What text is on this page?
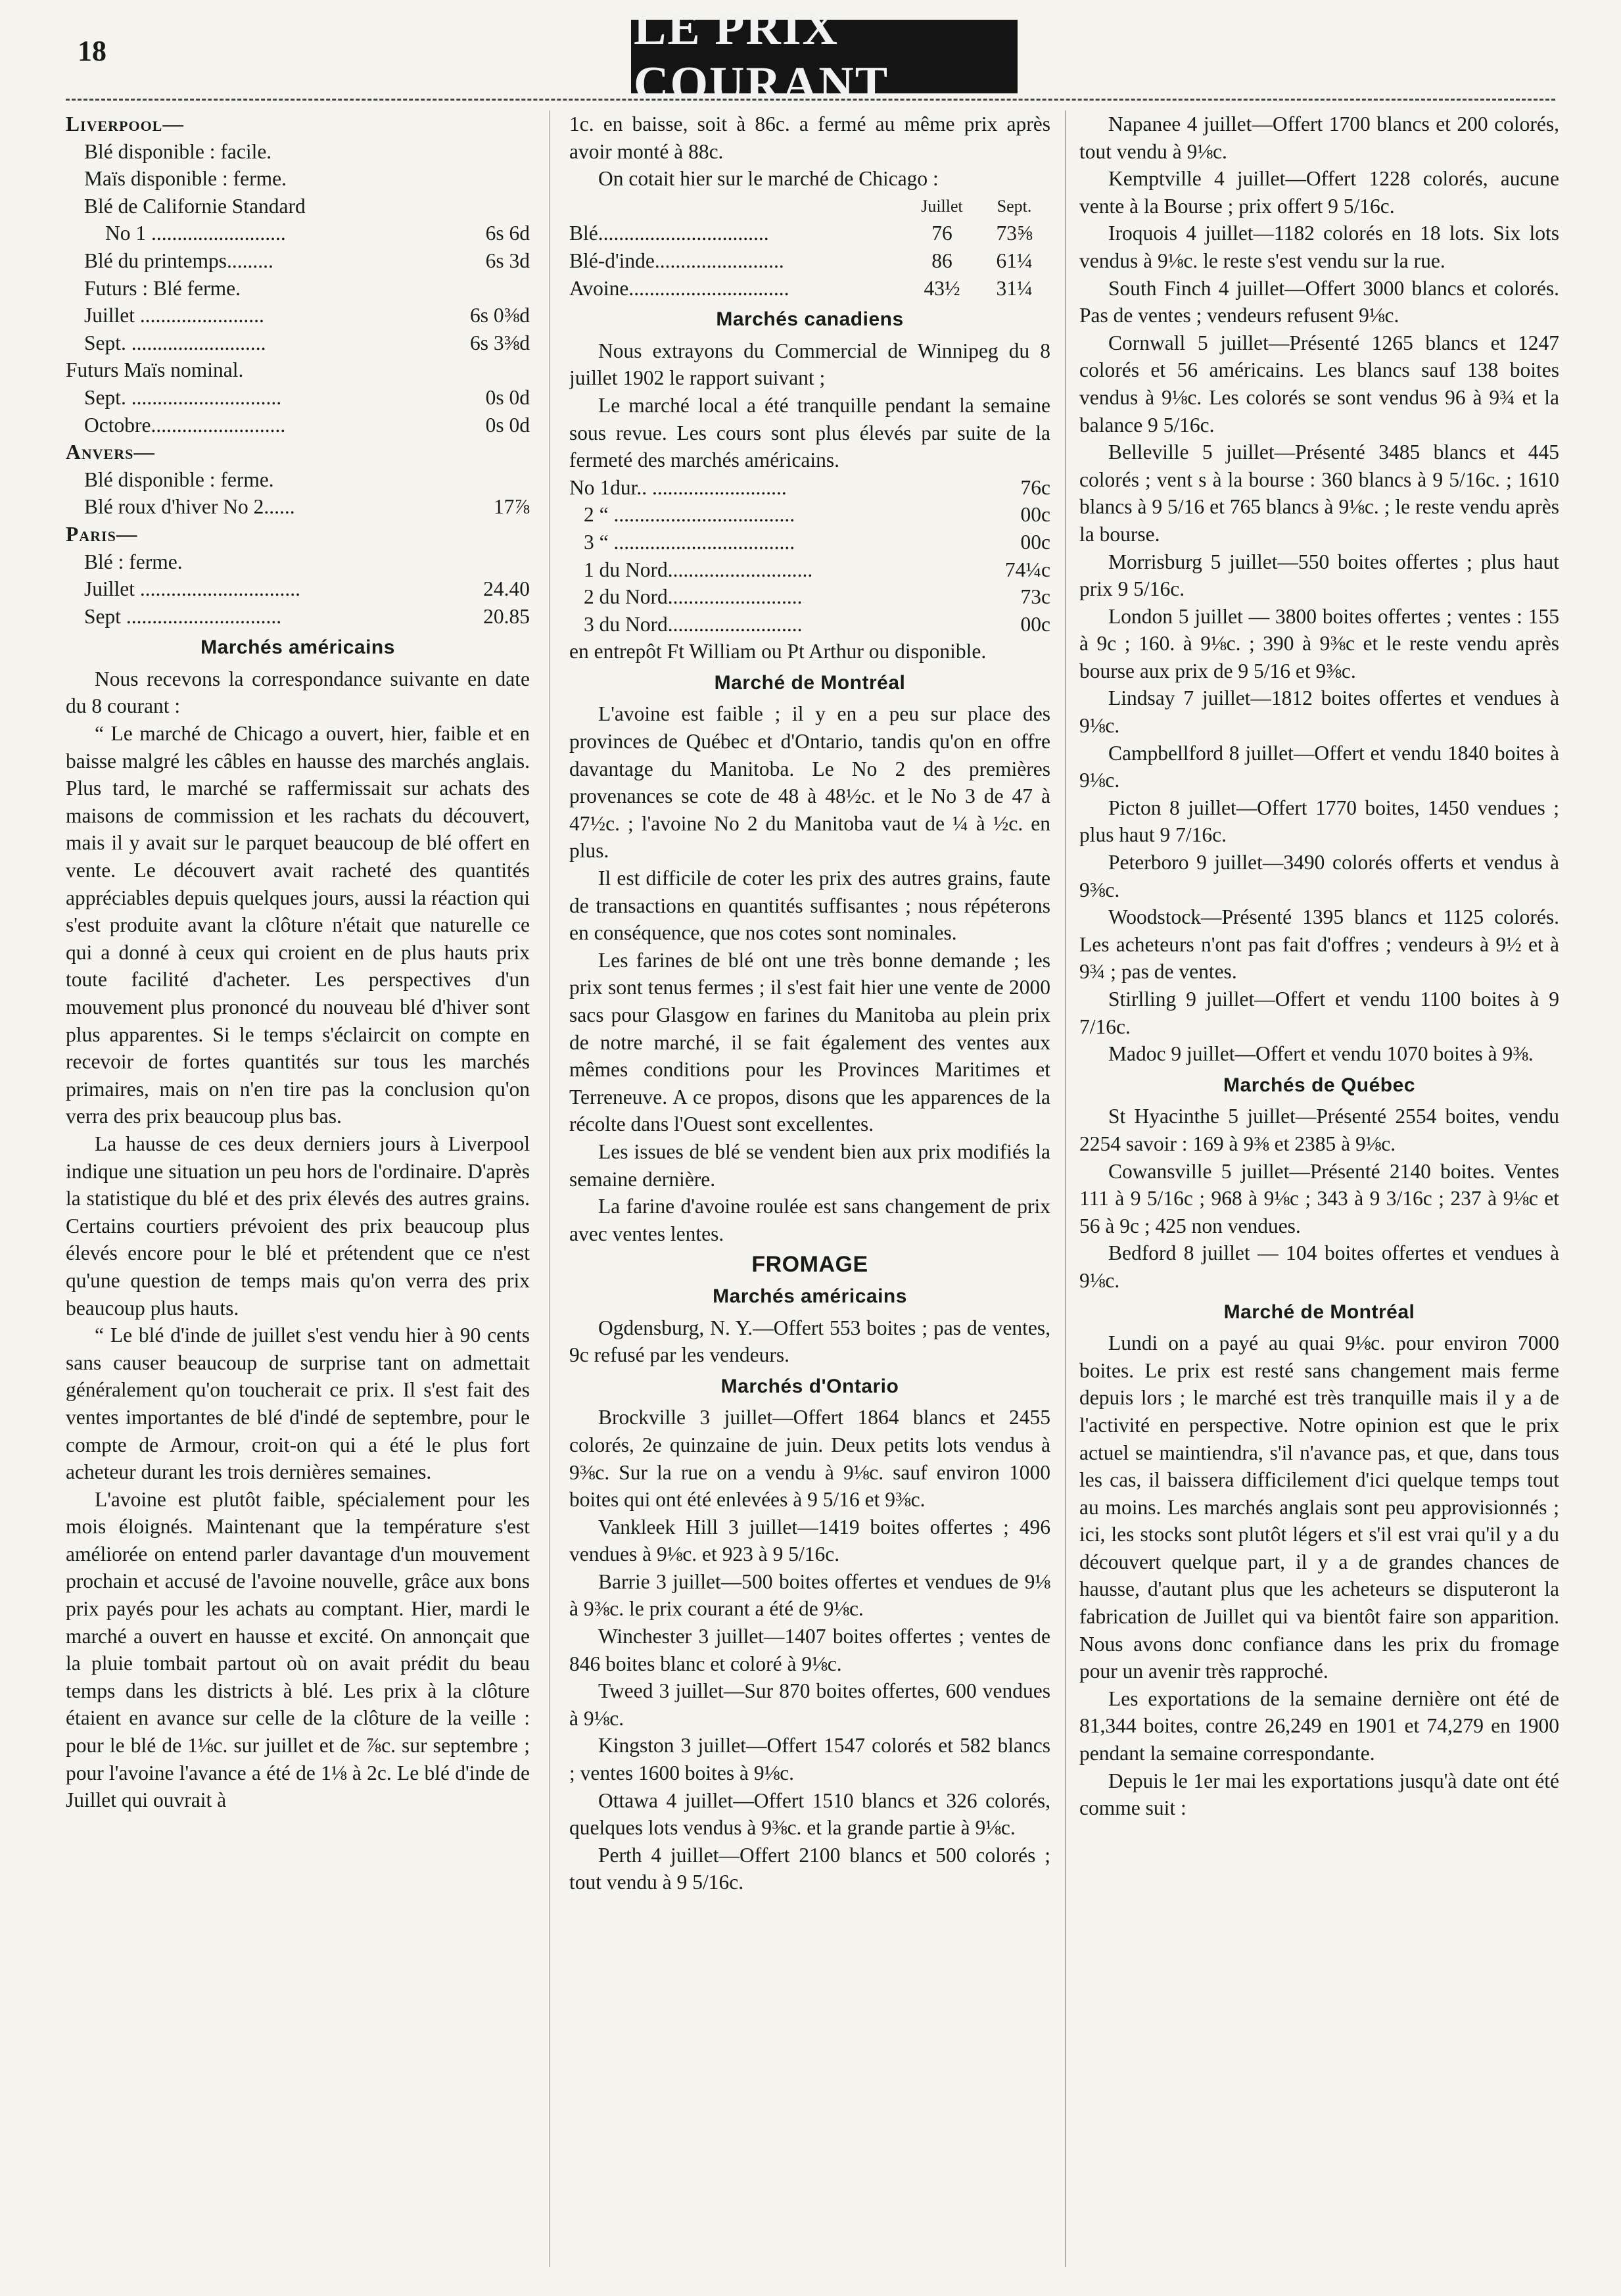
18	LE PRIX COURANT
Liverpool—
Blé disponible : facile.
Maïs disponible : ferme.
Blé de Californie Standard
No 1 ..........................	6s 6d
Blé du printemps.........	6s 3d
Futurs : Blé ferme.
Juillet ........................	6s 0⅜d
Sept. ..........................	6s 3⅜d
Futurs Maïs nominal.
Sept. .............................	0s 0d
Octobre..........................	0s 0d
Anvers—
Blé disponible : ferme.
Blé roux d'hiver No 2......	17⅞
Paris—
Blé : ferme.
Juillet ...............................	24.40
Sept ..............................	20.85
Marchés américains

Nous recevons la correspondance suivante en date du 8 courant :

“ Le marché de Chicago a ouvert, hier, faible et en baisse malgré les câbles en hausse des marchés anglais. Plus tard, le marché se raffermissait sur achats des maisons de commission et les rachats du découvert, mais il y avait sur le parquet beaucoup de blé offert en vente. Le découvert avait racheté des quantités appréciables depuis quelques jours, aussi la réaction qui s'est produite avant la clôture n'était que naturelle ce qui a donné à ceux qui croient en de plus hauts prix toute facilité d'acheter. Les perspectives d'un mouvement plus prononcé du nouveau blé d'hiver sont plus apparentes. Si le temps s'éclaircit on compte en recevoir de fortes quantités sur tous les marchés primaires, mais on n'en tire pas la conclusion qu'on verra des prix beaucoup plus bas.

La hausse de ces deux derniers jours à Liverpool indique une situation un peu hors de l'ordinaire. D'après la statistique du blé et des prix élevés des autres grains. Certains courtiers prévoient des prix beaucoup plus élevés encore pour le blé et prétendent que ce n'est qu'une question de temps mais qu'on verra des prix beaucoup plus hauts.

“ Le blé d'inde de juillet s'est vendu hier à 90 cents sans causer beaucoup de surprise tant on admettait généralement qu'on toucherait ce prix. Il s'est fait des ventes importantes de blé d'indé de septembre, pour le compte de Armour, croit-on qui a été le plus fort acheteur durant les trois dernières semaines.

L'avoine est plutôt faible, spécialement pour les mois éloignés. Maintenant que la température s'est améliorée on entend parler davantage d'un mouvement prochain et accusé de l'avoine nouvelle, grâce aux bons prix payés pour les achats au comptant. Hier, mardi le marché a ouvert en hausse et excité. On annonçait que la pluie tombait partout où on avait prédit du beau temps dans les districts à blé. Les prix à la clôture étaient en avance sur celle de la clôture de la veille : pour le blé de 1⅛c. sur juillet et de ⅞c. sur septembre ; pour l'avoine l'avance a été de 1⅛ à 2c. Le blé d'inde de Juillet qui ouvrait à

1c. en baisse, soit à 86c. a fermé au même prix après avoir monté à 88c.

On cotait hier sur le marché de Chicago :

Juillet	Sept.
Blé.................................	76	73⅝
Blé-d'inde.........................	86	61¼
Avoine...............................	43½	31¼
Marchés canadiens

Nous extrayons du Commercial de Winnipeg du 8 juillet 1902 le rapport suivant ;

Le marché local a été tranquille pendant la semaine sous revue. Les cours sont plus élevés par suite de la fermeté des marchés américains.

No 1dur.. ..........................	76c
2 “ ...................................	00c
3 “ ...................................	00c
1 du Nord............................	74¼c
2 du Nord..........................	73c
3 du Nord..........................	00c

en entrepôt Ft William ou Pt Arthur ou disponible.

Marché de Montréal

L'avoine est faible ; il y en a peu sur place des provinces de Québec et d'Ontario, tandis qu'on en offre davantage du Manitoba. Le No 2 des premières provenances se cote de 48 à 48½c. et le No 3 de 47 à 47½c. ; l'avoine No 2 du Manitoba vaut de ¼ à ½c. en plus.

Il est difficile de coter les prix des autres grains, faute de transactions en quantités suffisantes ; nous répéterons en conséquence, que nos cotes sont nominales.

Les farines de blé ont une très bonne demande ; les prix sont tenus fermes ; il s'est fait hier une vente de 2000 sacs pour Glasgow en farines du Manitoba au plein prix de notre marché, il se fait également des ventes aux mêmes conditions pour les Provinces Maritimes et Terreneuve. A ce propos, disons que les apparences de la récolte dans l'Ouest sont excellentes.

Les issues de blé se vendent bien aux prix modifiés la semaine dernière.

La farine d'avoine roulée est sans changement de prix avec ventes lentes.

FROMAGE
Marchés américains

Ogdensburg, N. Y.—Offert 553 boites ; pas de ventes, 9c refusé par les vendeurs.

Marchés d'Ontario

Brockville 3 juillet—Offert 1864 blancs et 2455 colorés, 2e quinzaine de juin. Deux petits lots vendus à 9⅜c. Sur la rue on a vendu à 9⅛c. sauf environ 1000 boites qui ont été enlevées à 9 5/16 et 9⅜c.

Vankleek Hill 3 juillet—1419 boites offertes ; 496 vendues à 9⅛c. et 923 à 9 5/16c.

Barrie 3 juillet—500 boites offertes et vendues de 9⅛ à 9⅜c. le prix courant a été de 9⅛c.

Winchester 3 juillet—1407 boites offertes ; ventes de 846 boites blanc et coloré à 9⅛c.

Tweed 3 juillet—Sur 870 boites offertes, 600 vendues à 9⅛c.

Kingston 3 juillet—Offert 1547 colorés et 582 blancs ; ventes 1600 boites à 9⅛c.

Ottawa 4 juillet—Offert 1510 blancs et 326 colorés, quelques lots vendus à 9⅜c. et la grande partie à 9⅛c.

Perth 4 juillet—Offert 2100 blancs et 500 colorés ; tout vendu à 9 5/16c.

Napanee 4 juillet—Offert 1700 blancs et 200 colorés, tout vendu à 9⅛c.

Kemptville 4 juillet—Offert 1228 colorés, aucune vente à la Bourse ; prix offert 9 5/16c.

Iroquois 4 juillet—1182 colorés en 18 lots. Six lots vendus à 9⅛c. le reste s'est vendu sur la rue.

South Finch 4 juillet—Offert 3000 blancs et colorés. Pas de ventes ; vendeurs refusent 9⅛c.

Cornwall 5 juillet—Présenté 1265 blancs et 1247 colorés et 56 américains. Les blancs sauf 138 boites vendus à 9⅛c. Les colorés se sont vendus 96 à 9¾ et la balance 9 5/16c.

Belleville 5 juillet—Présenté 3485 blancs et 445 colorés ; vent s à la bourse : 360 blancs à 9 5/16c. ; 1610 blancs à 9 5/16 et 765 blancs à 9⅛c. ; le reste vendu après la bourse.

Morrisburg 5 juillet—550 boites offertes ; plus haut prix 9 5/16c.

London 5 juillet — 3800 boites offertes ; ventes : 155 à 9c ; 160. à 9⅛c. ; 390 à 9⅜c et le reste vendu après bourse aux prix de 9 5/16 et 9⅜c.

Lindsay 7 juillet—1812 boites offertes et vendues à 9⅛c.

Campbellford 8 juillet—Offert et vendu 1840 boites à 9⅛c.

Picton 8 juillet—Offert 1770 boites, 1450 vendues ; plus haut 9 7/16c.

Peterboro 9 juillet—3490 colorés offerts et vendus à 9⅜c.

Woodstock—Présenté 1395 blancs et 1125 colorés. Les acheteurs n'ont pas fait d'offres ; vendeurs à 9½ et à 9¾ ; pas de ventes.

Stirlling 9 juillet—Offert et vendu 1100 boites à 9 7/16c.

Madoc 9 juillet—Offert et vendu 1070 boites à 9⅜.

Marchés de Québec

St Hyacinthe 5 juillet—Présenté 2554 boites, vendu 2254 savoir : 169 à 9⅜ et 2385 à 9⅛c.

Cowansville 5 juillet—Présenté 2140 boites. Ventes 111 à 9 5/16c ; 968 à 9⅛c ; 343 à 9 3/16c ; 237 à 9⅛c et 56 à 9c ; 425 non vendues.

Bedford 8 juillet — 104 boites offertes et vendues à 9⅛c.

Marché de Montréal

Lundi on a payé au quai 9⅛c. pour environ 7000 boites. Le prix est resté sans changement mais ferme depuis lors ; le marché est très tranquille mais il y a de l'activité en perspective. Notre opinion est que le prix actuel se maintiendra, s'il n'avance pas, et que, dans tous les cas, il baissera difficilement d'ici quelque temps tout au moins. Les marchés anglais sont peu approvisionnés ; ici, les stocks sont plutôt légers et s'il est vrai qu'il y a du découvert quelque part, il y a de grandes chances de hausse, d'autant plus que les acheteurs se disputeront la fabrication de Juillet qui va bientôt faire son apparition. Nous avons donc confiance dans les prix du fromage pour un avenir très rapproché.

Les exportations de la semaine dernière ont été de 81,344 boites, contre 26,249 en 1901 et 74,279 en 1900 pendant la semaine correspondante.

Depuis le 1er mai les exportations jusqu'à date ont été comme suit :
